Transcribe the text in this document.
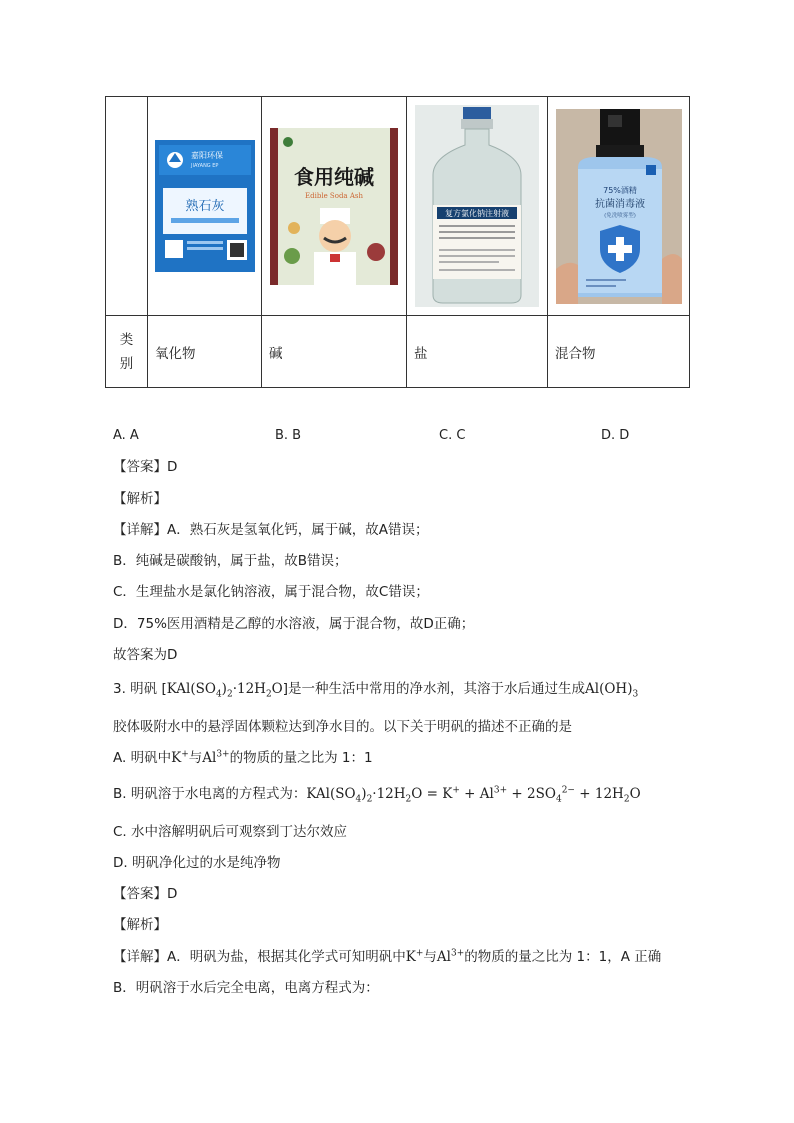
嘉阳环保
JIAYANG EP
熟石灰	食用纯碱
Edible Soda Ash	复方氯化钠注射液	75%酒精
抗菌消毒液
(免洗喷雾型)

类别	氧化物	碱	盐	混合物
A. A	B. B	C. C	D. D
【答案】D
【解析】
【详解】A．熟石灰是氢氧化钙，属于碱，故A错误；
B．纯碱是碳酸钠，属于盐，故B错误；
C．生理盐水是氯化钠溶液，属于混合物，故C错误；
D．75%医用酒精是乙醇的水溶液，属于混合物，故D正确；
故答案为D
3. 明矾 $[KAl(SO_4)_2\cdot 12H_2O]$是一种生活中常用的净水剂，其溶于水后通过生成$Al(OH)_3$
胶体吸附水中的悬浮固体颗粒达到净水目的。以下关于明矾的描述不正确的是
A. 明矾中K+与$Al^{3+}$的物质的量之比为 1：1
B. 明矾溶于水电离的方程式为：$KAl(SO_4)_2\cdot 12H_2O = K^+ + Al^{3+} + 2SO_4^{2-} + 12H_2O$
C. 水中溶解明矾后可观察到丁达尔效应
D. 明矾净化过的水是纯净物
【答案】D
【解析】
【详解】A．明矾为盐，根据其化学式可知明矾中K+与$Al^{3+}$的物质的量之比为 1：1，A 正确
B．明矾溶于水后完全电离，电离方程式为：
